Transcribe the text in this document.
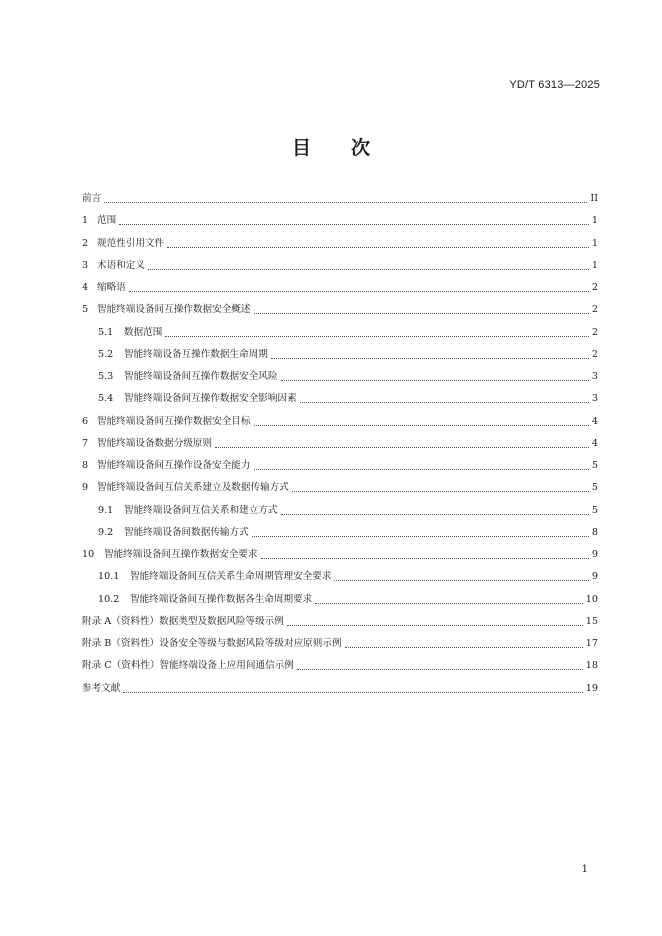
YD/T 6313—2025
目 次
前言	II
1 范围	1
2 规范性引用文件	1
3 术语和定义	1
4 缩略语	2
5 智能终端设备间互操作数据安全概述	2
5.1	数据范围	2
5.2	智能终端设备互操作数据生命周期	2
5.3	智能终端设备间互操作数据安全风险	3
5.4	智能终端设备间互操作数据安全影响因素	3
6 智能终端设备间互操作数据安全目标	4
7 智能终端设备数据分级原则	4
8 智能终端设备间互操作设备安全能力	5
9 智能终端设备间互信关系建立及数据传输方式	5
9.1	智能终端设备间互信关系和建立方式	5
9.2	智能终端设备间数据传输方式	8
10	智能终端设备间互操作数据安全要求	9
10.1	智能终端设备间互信关系生命周期管理安全要求	9
10.2	智能终端设备间互操作数据各生命周期要求	10
附录 A（资料性）数据类型及数据风险等级示例	15
附录 B（资料性）设备安全等级与数据风险等级对应原则示例	17
附录 C（资料性）智能终端设备上应用间通信示例	18
参考文献	19
1
